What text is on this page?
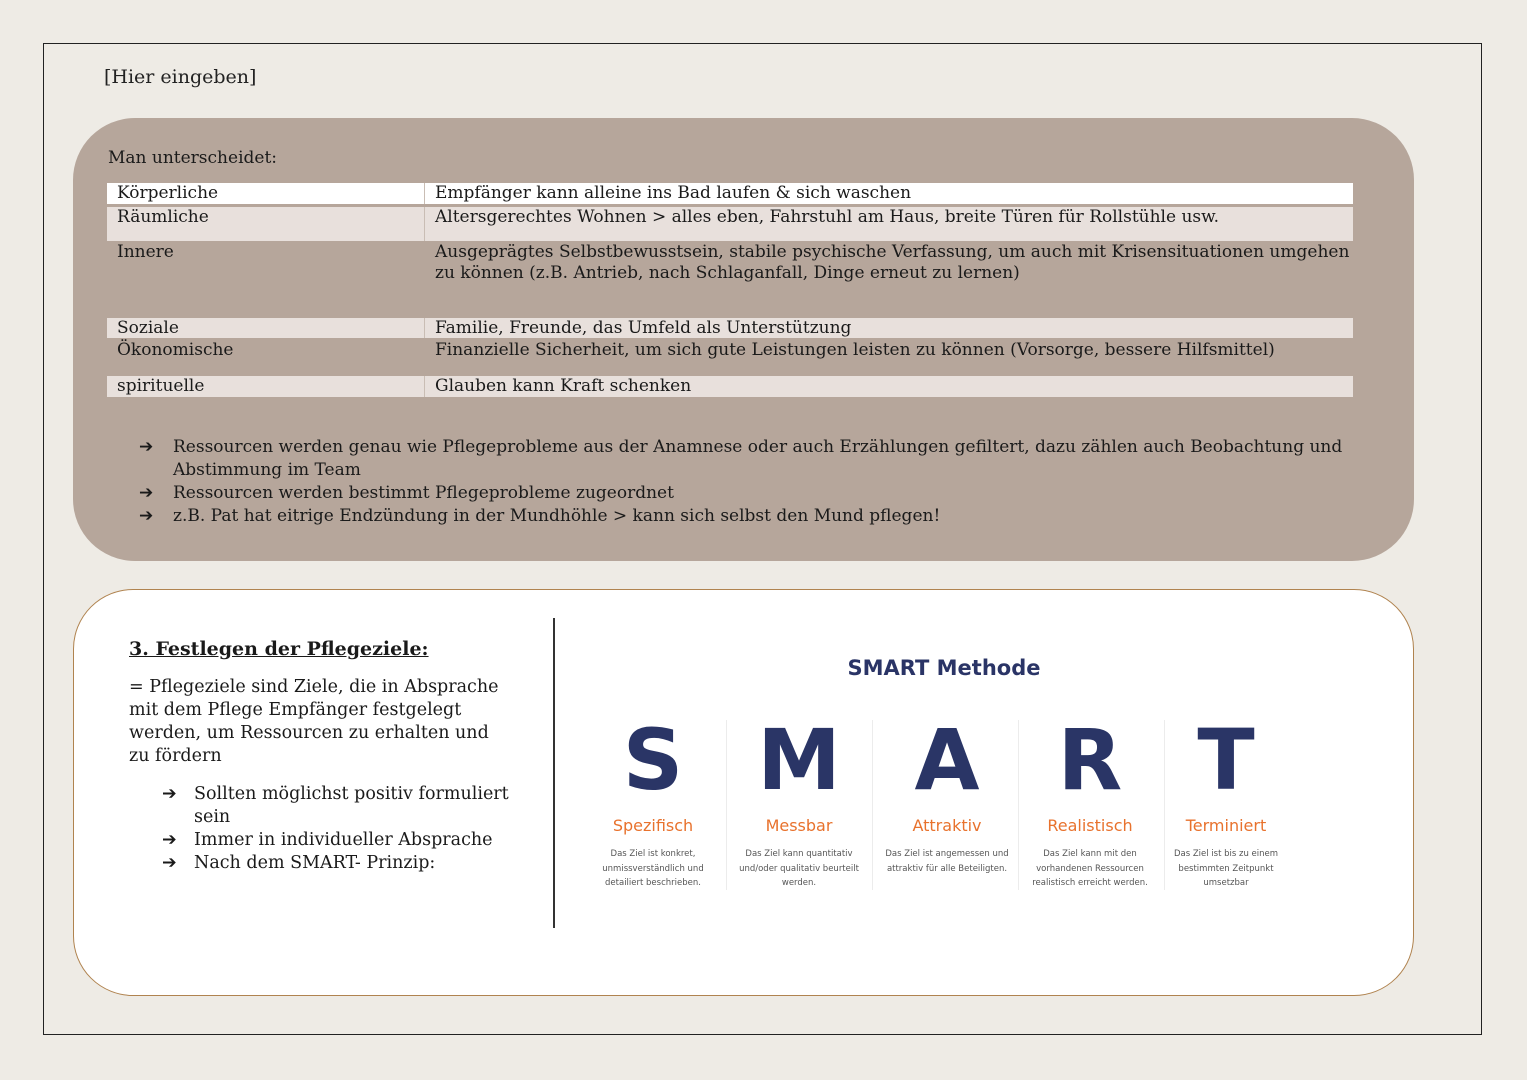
[Hier eingeben]
Man unterscheidet:
Körperliche	Empfänger kann alleine ins Bad laufen & sich waschen
Räumliche	Altersgerechtes Wohnen > alles eben, Fahrstuhl am Haus, breite Türen für Rollstühle usw.
Innere	Ausgeprägtes Selbstbewusstsein, stabile psychische Verfassung, um auch mit Krisensituationen umgehen zu können (z.B. Antrieb, nach Schlaganfall, Dinge erneut zu lernen)
Soziale	Familie, Freunde, das Umfeld als Unterstützung
Ökonomische	Finanzielle Sicherheit, um sich gute Leistungen leisten zu können (Vorsorge, bessere Hilfsmittel)
spirituelle	Glauben kann Kraft schenken
➔ Ressourcen werden genau wie Pflegeprobleme aus der Anamnese oder auch Erzählungen gefiltert, dazu zählen auch Beobachtung und Abstimmung im Team
➔ Ressourcen werden bestimmt Pflegeprobleme zugeordnet
➔ z.B. Pat hat eitrige Endzündung in der Mundhöhle > kann sich selbst den Mund pflegen!
3. Festlegen der Pflegeziele:
= Pflegeziele sind Ziele, die in Absprache mit dem Pflege Empfänger festgelegt werden, um Ressourcen zu erhalten und zu fördern
➔ Sollten möglichst positiv formuliert sein
➔ Immer in individueller Absprache
➔ Nach dem SMART- Prinzip:
SMART Methode
S
Spezifisch
Das Ziel ist konkret, unmissverständlich und detailiert beschrieben.
M
Messbar
Das Ziel kann quantitativ und/oder qualitativ beurteilt werden.
A
Attraktiv
Das Ziel ist angemessen und attraktiv für alle Beteiligten.
R
Realistisch
Das Ziel kann mit den vorhandenen Ressourcen realistisch erreicht werden.
T
Terminiert
Das Ziel ist bis zu einem bestimmten Zeitpunkt umsetzbar
